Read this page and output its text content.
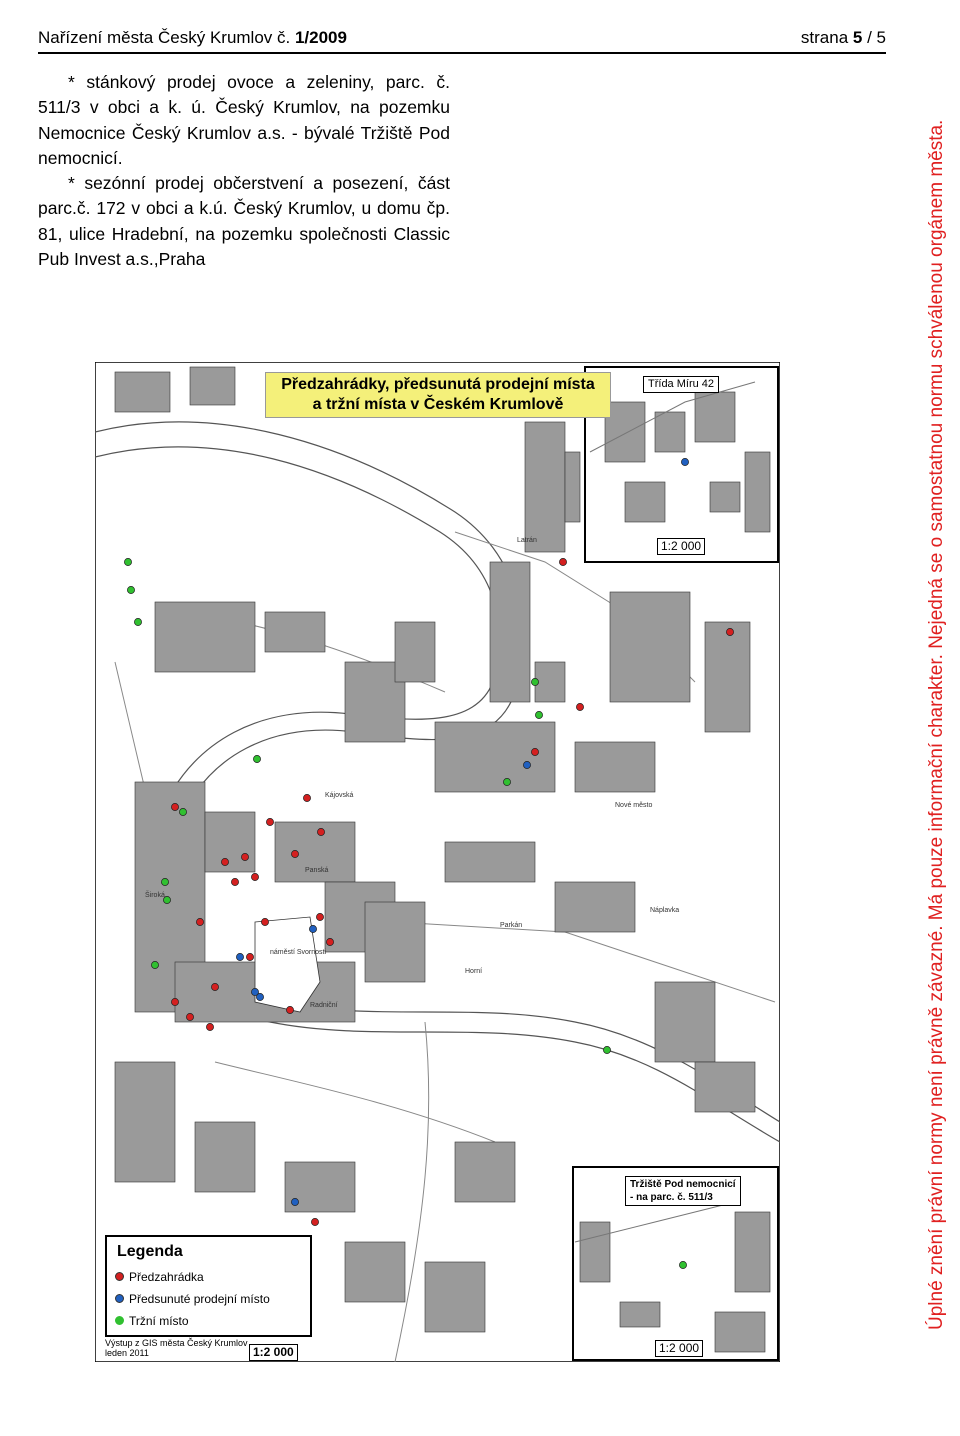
Nařízení města Český Krumlov č. 1/2009	strana 5 / 5

* stánkový prodej ovoce a zeleniny, parc. č. 511/3 v obci a k. ú. Český Krumlov, na pozemku Nemocnice Český Krumlov a.s. - bývalé Tržiště Pod nemocnicí.

* sezónní prodej občerstvení a posezení, část parc.č. 172 v obci a k.ú. Český Krumlov, u domu čp. 81, ulice Hradební, na pozemku společnosti Classic Pub Invest a.s.,Praha	Úplné znění právní normy není právně závazné. Má pouze informační charakter. Nejedná se o samostatnou normu schválenou orgánem města.
Předzahrádky, předsunutá prodejní místa
a tržní místa v Českém Krumlově
Třída Míru 42
1:2 000
Tržiště Pod nemocnicí
- na parc. č. 511/3
1:2 000
náměstí Svornosti
Horní
Latrán
Široká
Parkán
Náplavka
Nové město
Panská
Radniční
Kájovská
Legenda
Předzahrádka
Předsunuté prodejní místo
Tržní místo
Výstup z GIS města Český Krumlov
leden 2011	1:2 000
